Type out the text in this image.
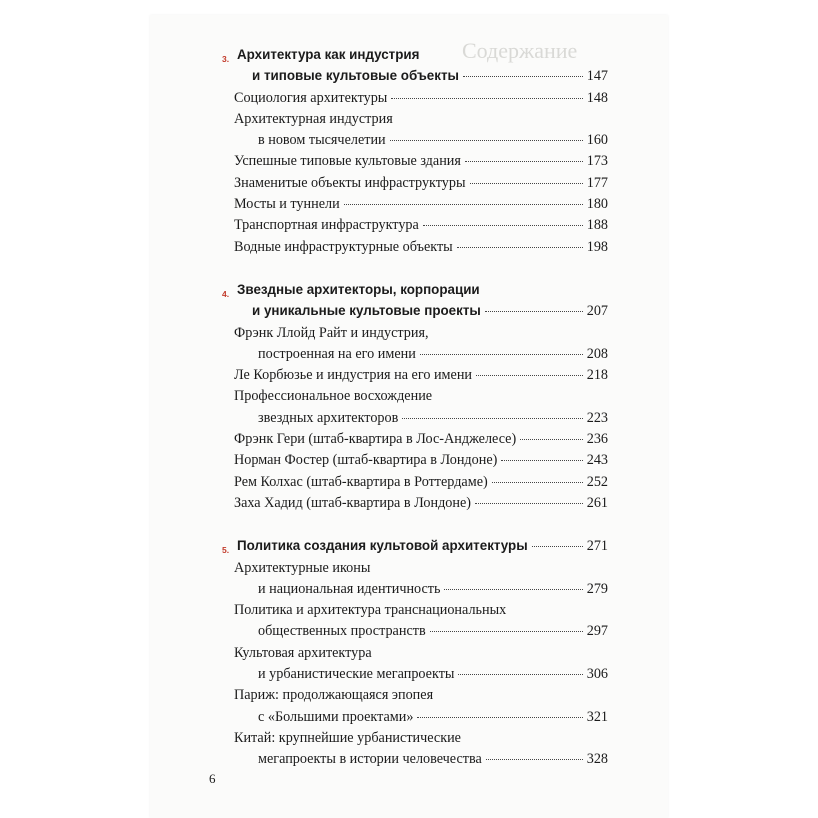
Содержание
3. Архитектура как индустрия
и типовые культовые объекты	147
Социология архитектуры	148
Архитектурная индустрия
в новом тысячелетии	160
Успешные типовые культовые здания	173
Знаменитые объекты инфраструктуры	177
Мосты и туннели	180
Транспортная инфраструктура	188
Водные инфраструктурные объекты	198
4. Звездные архитекторы, корпорации
и уникальные культовые проекты	207
Фрэнк Ллойд Райт и индустрия,
построенная на его имени	208
Ле Корбюзье и индустрия на его имени	218
Профессиональное восхождение
звездных архитекторов	223
Фрэнк Гери (штаб-квартира в Лос-Анджелесе)	236
Норман Фостер (штаб-квартира в Лондоне)	243
Рем Колхас (штаб-квартира в Роттердаме)	252
Заха Хадид (штаб-квартира в Лондоне)	261
5. Политика создания культовой архитектуры	271
Архитектурные иконы
и национальная идентичность	279
Политика и архитектура транснациональных
общественных пространств	297
Культовая архитектура
и урбанистические мегапроекты	306
Париж: продолжающаяся эпопея
с «Большими проектами»	321
Китай: крупнейшие урбанистические
мегапроекты в истории человечества	328
6
